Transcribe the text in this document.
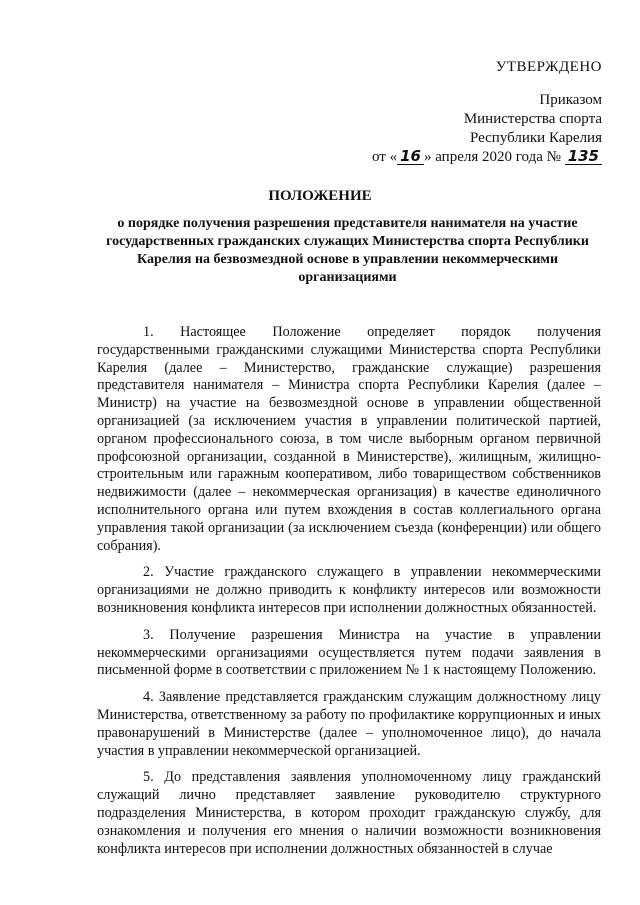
УТВЕРЖДЕНО
Приказом
Министерства спорта
Республики Карелия
от « 16 » апреля 2020 года № 135
ПОЛОЖЕНИЕ
о порядке получения разрешения представителя нанимателя на участие государственных гражданских служащих Министерства спорта Республики Карелия на безвозмездной основе в управлении некоммерческими организациями

1. Настоящее Положение определяет порядок получения государственными гражданскими служащими Министерства спорта Республики Карелия (далее – Министерство, гражданские служащие) разрешения представителя нанимателя – Министра спорта Республики Карелия (далее – Министр) на участие на безвозмездной основе в управлении общественной организацией (за исключением участия в управлении политической партией, органом профессионального союза, в том числе выборным органом первичной профсоюзной организации, созданной в Министерстве), жилищным, жилищно-строительным или гаражным кооперативом, либо товариществом собственников недвижимости (далее – некоммерческая организация) в качестве единоличного исполнительного органа или путем вхождения в состав коллегиального органа управления такой организации (за исключением съезда (конференции) или общего собрания).

2. Участие гражданского служащего в управлении некоммерческими организациями не должно приводить к конфликту интересов или возможности возникновения конфликта интересов при исполнении должностных обязанностей.

3. Получение разрешения Министра на участие в управлении некоммерческими организациями осуществляется путем подачи заявления в письменной форме в соответствии с приложением № 1 к настоящему Положению.

4. Заявление представляется гражданским служащим должностному лицу Министерства, ответственному за работу по профилактике коррупционных и иных правонарушений в Министерстве (далее – уполномоченное лицо), до начала участия в управлении некоммерческой организацией.

5. До представления заявления уполномоченному лицу гражданский служащий лично представляет заявление руководителю структурного подразделения Министерства, в котором проходит гражданскую службу, для ознакомления и получения его мнения о наличии возможности возникновения конфликта интересов при исполнении должностных обязанностей в случае
